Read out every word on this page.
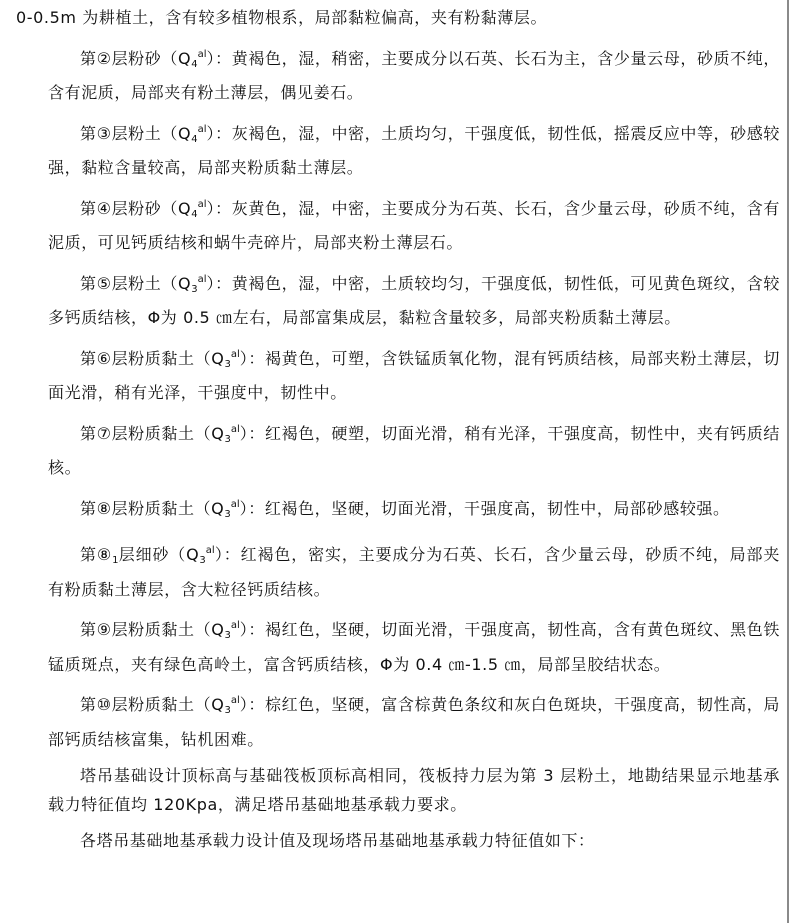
0-0.5m 为耕植土，含有较多植物根系，局部黏粒偏高，夹有粉黏薄层。

第②层粉砂$(Q_4^{al})$：黄褐色，湿，稍密，主要成分以石英、长石为主，含少量云母，砂质不纯，含有泥质，局部夹有粉土薄层，偶见姜石。

第③层粉土$(Q_4^{al})$：灰褐色，湿，中密，土质均匀，干强度低，韧性低，摇震反应中等，砂感较强，黏粒含量较高，局部夹粉质黏土薄层。

第④层粉砂$(Q_4^{al})$：灰黄色，湿，中密，主要成分为石英、长石，含少量云母，砂质不纯，含有泥质，可见钙质结核和蜗牛壳碎片，局部夹粉土薄层石。

第⑤层粉土$(Q_3^{al})$：黄褐色，湿，中密，土质较均匀，干强度低，韧性低，可见黄色斑纹，含较多钙质结核，Φ为 0.5 ㎝左右，局部富集成层，黏粒含量较多，局部夹粉质黏土薄层。

第⑥层粉质黏土$(Q_3^{al})$：褐黄色，可塑，含铁锰质氧化物，混有钙质结核，局部夹粉土薄层，切面光滑，稍有光泽，干强度中，韧性中。

第⑦层粉质黏土$(Q_3^{al})$：红褐色，硬塑，切面光滑，稍有光泽，干强度高，韧性中，夹有钙质结核。

第⑧层粉质黏土$(Q_3^{al})$：红褐色，坚硬，切面光滑，干强度高，韧性中，局部砂感较强。

第$⑧_1$层细砂$(Q_3^{al})$：红褐色，密实，主要成分为石英、长石，含少量云母，砂质不纯，局部夹有粉质黏土薄层，含大粒径钙质结核。

第⑨层粉质黏土$(Q_3^{al})$：褐红色，坚硬，切面光滑，干强度高，韧性高，含有黄色斑纹、黑色铁锰质斑点，夹有绿色高岭土，富含钙质结核，Φ为 0.4 ㎝-1.5 ㎝，局部呈胶结状态。

第⑩层粉质黏土$(Q_3^{al})$：棕红色，坚硬，富含棕黄色条纹和灰白色斑块，干强度高，韧性高，局部钙质结核富集，钻机困难。

塔吊基础设计顶标高与基础筏板顶标高相同，筏板持力层为第 3 层粉土，地勘结果显示地基承载力特征值均 120Kpa，满足塔吊基础地基承载力要求。

各塔吊基础地基承载力设计值及现场塔吊基础地基承载力特征值如下：
